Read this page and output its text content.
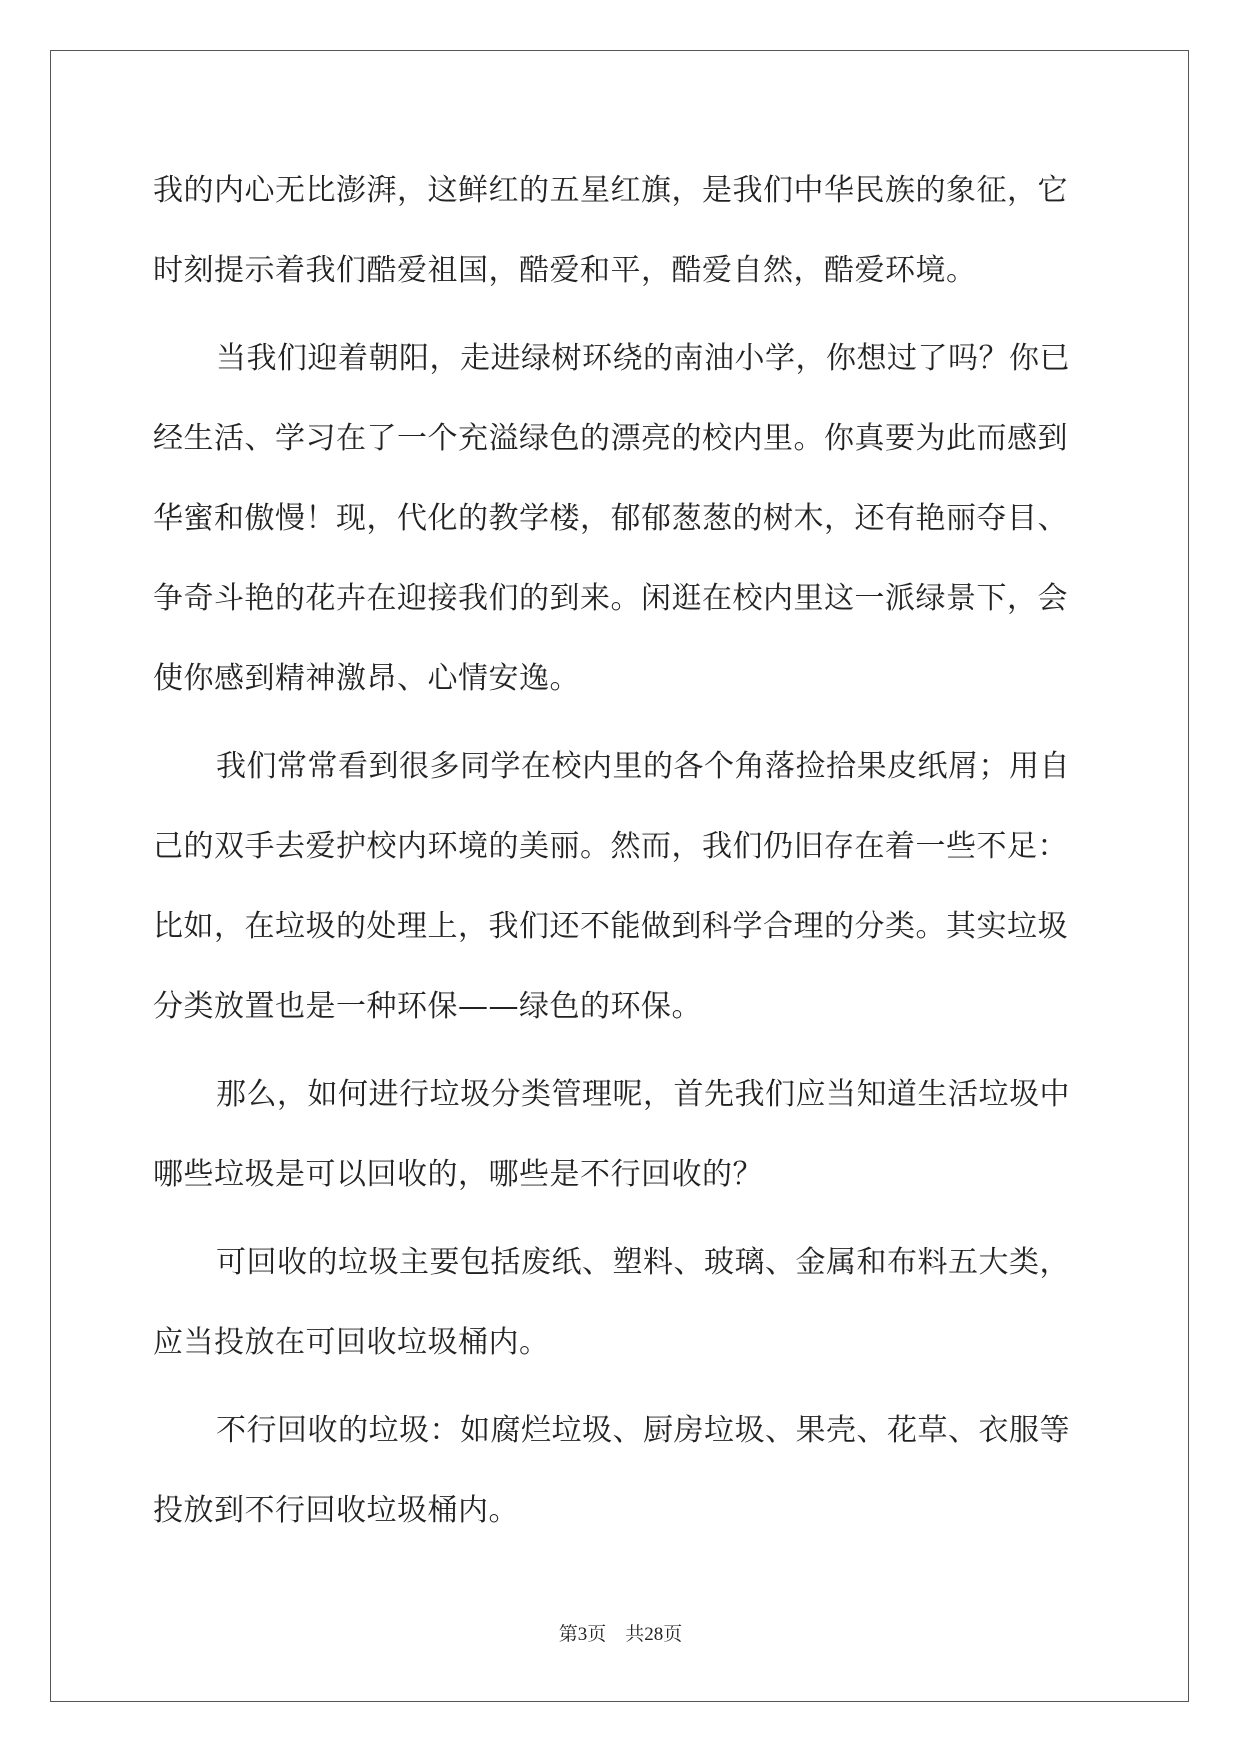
我的内心无比澎湃，这鲜红的五星红旗，是我们中华民族的象征，它
时刻提示着我们酷爱祖国，酷爱和平，酷爱自然，酷爱环境。
当我们迎着朝阳，走进绿树环绕的南油小学，你想过了吗？你已
经生活、学习在了一个充溢绿色的漂亮的校内里。你真要为此而感到
华蜜和傲慢！现，代化的教学楼，郁郁葱葱的树木，还有艳丽夺目、
争奇斗艳的花卉在迎接我们的到来。闲逛在校内里这一派绿景下，会
使你感到精神激昂、心情安逸。
我们常常看到很多同学在校内里的各个角落捡拾果皮纸屑；用自
己的双手去爱护校内环境的美丽。然而，我们仍旧存在着一些不足：
比如，在垃圾的处理上，我们还不能做到科学合理的分类。其实垃圾
分类放置也是一种环保——绿色的环保。
那么，如何进行垃圾分类管理呢，首先我们应当知道生活垃圾中
哪些垃圾是可以回收的，哪些是不行回收的？
可回收的垃圾主要包括废纸、塑料、玻璃、金属和布料五大类，
应当投放在可回收垃圾桶内。
不行回收的垃圾：如腐烂垃圾、厨房垃圾、果壳、花草、衣服等
投放到不行回收垃圾桶内。
第3页　共28页
